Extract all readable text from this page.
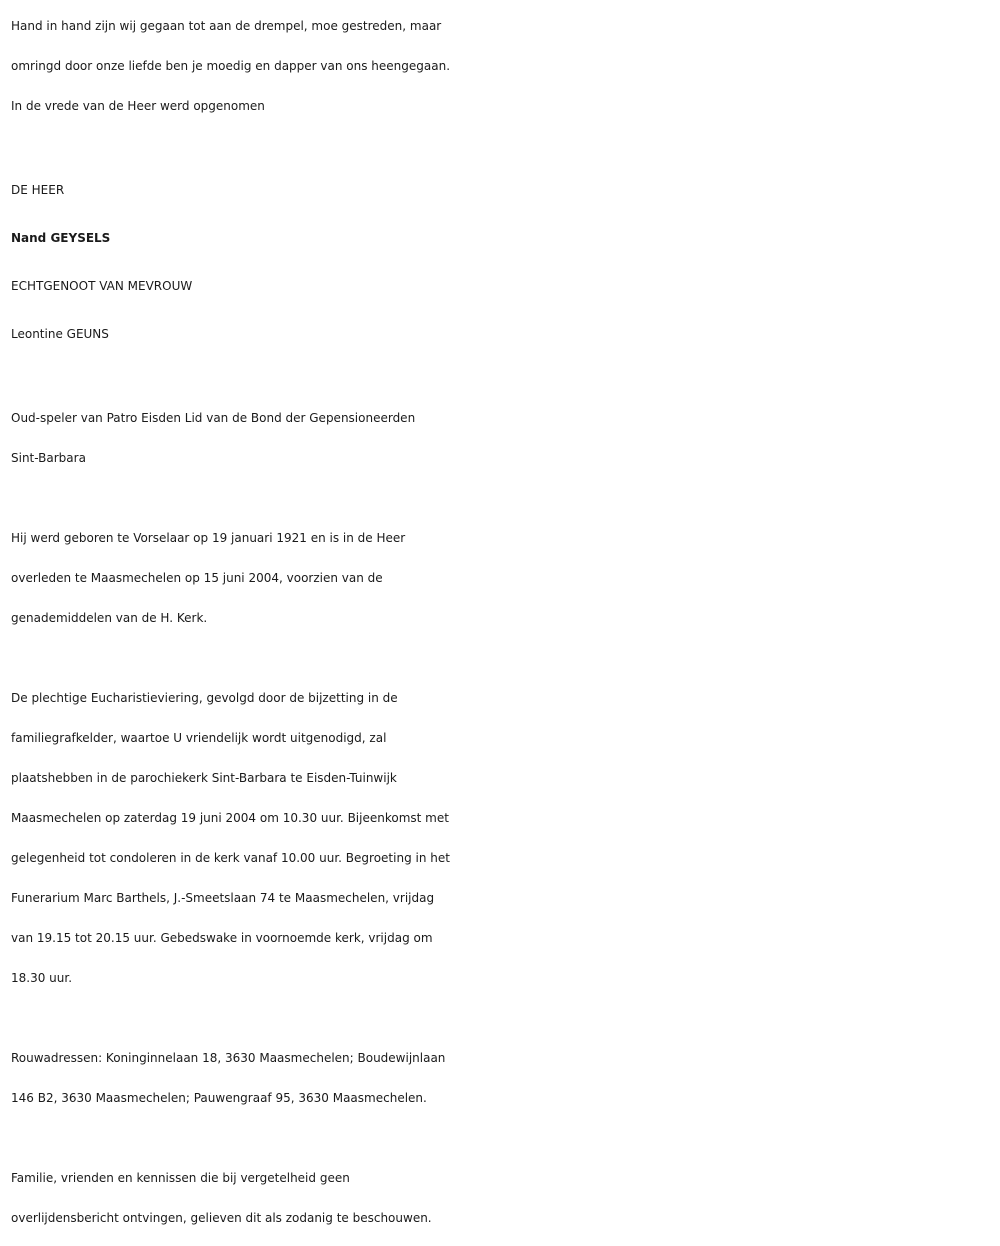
Hand in hand zijn wij gegaan tot aan de drempel, moe gestreden, maar

omringd door onze liefde ben je moedig en dapper van ons heengegaan.

In de vrede van de Heer werd opgenomen

DE HEER

Nand GEYSELS

ECHTGENOOT VAN MEVROUW

Leontine GEUNS

Oud-speler van Patro Eisden Lid van de Bond der Gepensioneerden

Sint-Barbara

Hij werd geboren te Vorselaar op 19 januari 1921 en is in de Heer

overleden te Maasmechelen op 15 juni 2004, voorzien van de

genademiddelen van de H. Kerk.

De plechtige Eucharistieviering, gevolgd door de bijzetting in de

familiegrafkelder, waartoe U vriendelijk wordt uitgenodigd, zal

plaatshebben in de parochiekerk Sint-Barbara te Eisden-Tuinwijk

Maasmechelen op zaterdag 19 juni 2004 om 10.30 uur. Bijeenkomst met

gelegenheid tot condoleren in de kerk vanaf 10.00 uur. Begroeting in het

Funerarium Marc Barthels, J.-Smeetslaan 74 te Maasmechelen, vrijdag

van 19.15 tot 20.15 uur. Gebedswake in voornoemde kerk, vrijdag om

18.30 uur.

Rouwadressen: Koninginnelaan 18, 3630 Maasmechelen; Boudewijnlaan

146 B2, 3630 Maasmechelen; Pauwengraaf 95, 3630 Maasmechelen.

Familie, vrienden en kennissen die bij vergetelheid geen

overlijdensbericht ontvingen, gelieven dit als zodanig te beschouwen.
